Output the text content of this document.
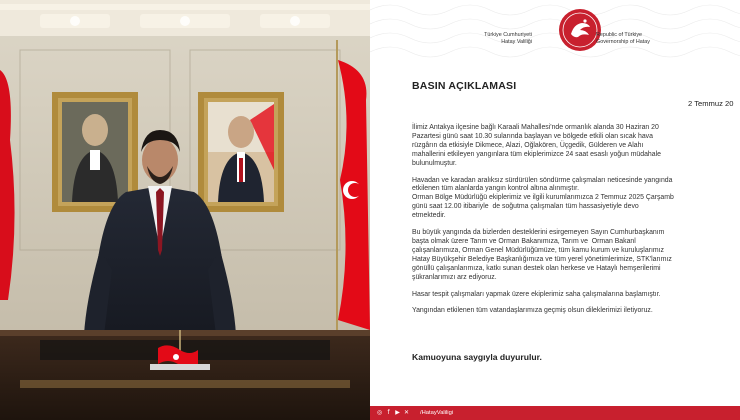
Türkiye Cumhuriyeti
Hatay Valiliği
Republic of Türkiye
Governorship of Hatay
BASIN AÇIKLAMASI
2 Temmuz 20

İlimiz Antakya ilçesine bağlı Karaali Mahallesi'nde ormanlık alanda 30 Haziran 20
Pazartesi günü saat 10.30 sularında başlayan ve bölgede etkili olan sıcak hava
rüzgârın da etkisiyle Dikmece, Alazi, Oğlakören, Üçgedik, Gülderen ve Alahı
mahallerini etkileyen yangınlara tüm ekiplerimizce 24 saat esaslı yoğun müdahale
bulunulmuştur.

Havadan ve karadan aralıksız sürdürülen söndürme çalışmaları neticesinde yangında
etkilenen tüm alanlarda yangın kontrol altına alınmıştır.
Orman Bölge Müdürlüğü ekiplerimiz ve ilgili kurumlarımızca 2 Temmuz 2025 Çarşamb
günü saat 12.00 itibariyle  de soğutma çalışmaları tüm hassasiyetiyle devo
etmektedir.

Bu büyük yangında da bizlerden desteklerini esirgemeyen Sayın Cumhurbaşkanım
başta olmak üzere Tarım ve Orman Bakanımıza, Tarım ve  Orman Bakanl
çalışanlarımıza, Orman Genel Müdürlüğümüze, tüm kamu kurum ve kuruluşlarımız
Hatay Büyükşehir Belediye Başkanlığımıza ve tüm yerel yönetimlerimize, STK'larımız
gönüllü çalışanlarımıza, katkı sunan destek olan herkese ve Hataylı hemşerilerimi
şükranlarımızı arz ediyoruz.

Hasar tespit çalışmaları yapmak üzere ekiplerimiz saha çalışmalarına başlamıştır.

Yangından etkilenen tüm vatandaşlarımıza geçmiş olsun dileklerimizi iletiyoruz.

Kamuoyuna saygıyla duyurulur.
◎ f ▶ ✕ /HatayValiligi
